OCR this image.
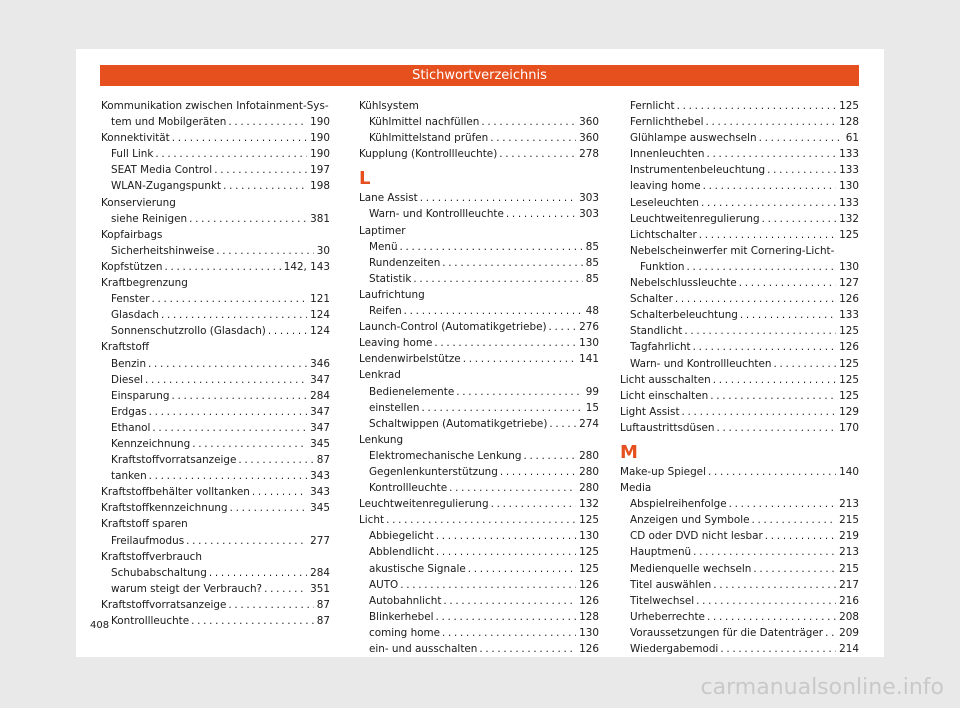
Stichwortverzeichnis
Kommunikation zwischen Infotainment-Sys-
tem und Mobilgeräten . . .	190
Konnektivität . . .	190
Full Link . . .	190
SEAT Media Control . . .	197
WLAN-Zugangspunkt . . .	198
Konservierung
siehe Reinigen . . .	381
Kopfairbags
Sicherheitshinweise . . .	30
Kopfstützen . . .	142, 143
Kraftbegrenzung
Fenster . . .	121
Glasdach . . .	124
Sonnenschutzrollo (Glasdach) . . .	124
Kraftstoff
Benzin . . .	346
Diesel . . .	347
Einsparung . . .	284
Erdgas . . .	347
Ethanol . . .	347
Kennzeichnung . . .	345
Kraftstoffvorratsanzeige . . .	87
tanken . . .	343
Kraftstoffbehälter volltanken . . .	343
Kraftstoffkennzeichnung . . .	345
Kraftstoff sparen
Freilaufmodus . . .	277
Kraftstoffverbrauch
Schubabschaltung . . .	284
warum steigt der Verbrauch? . . .	351
Kraftstoffvorratsanzeige . . .	87
Kontrollleuchte . . .	87
Kühlsystem
Kühlmittel nachfüllen . . .	360
Kühlmittelstand prüfen . . .	360
Kupplung (Kontrollleuchte) . . .	278
L
Lane Assist . . .	303
Warn- und Kontrollleuchte . . .	303
Laptimer
Menü . . .	85
Rundenzeiten . . .	85
Statistik . . .	85
Laufrichtung
Reifen . . .	48
Launch-Control (Automatikgetriebe) . . .	276
Leaving home . . .	130
Lendenwirbelstütze . . .	141
Lenkrad
Bedienelemente . . .	99
einstellen . . .	15
Schaltwippen (Automatikgetriebe) . . .	274
Lenkung
Elektromechanische Lenkung . . .	280
Gegenlenkunterstützung . . .	280
Kontrollleuchte . . .	280
Leuchtweitenregulierung . . .	132
Licht . . .	125
Abbiegelicht . . .	130
Abblendlicht . . .	125
akustische Signale . . .	125
AUTO . . .	126
Autobahnlicht . . .	126
Blinkerhebel . . .	128
coming home . . .	130
ein- und ausschalten . . .	126
Fernlicht . . .	125
Fernlichthebel . . .	128
Glühlampe auswechseln . . .	61
Innenleuchten . . .	133
Instrumentenbeleuchtung . . .	133
leaving home . . .	130
Leseleuchten . . .	133
Leuchtweitenregulierung . . .	132
Lichtschalter . . .	125
Nebelscheinwerfer mit Cornering-Licht-
Funktion . . .	130
Nebelschlussleuchte . . .	127
Schalter . . .	126
Schalterbeleuchtung . . .	133
Standlicht . . .	125
Tagfahrlicht . . .	126
Warn- und Kontrollleuchten . . .	125
Licht ausschalten . . .	125
Licht einschalten . . .	125
Light Assist . . .	129
Luftaustrittsdüsen . . .	170
M
Make-up Spiegel . . .	140
Media
Abspielreihenfolge . . .	213
Anzeigen und Symbole . . .	215
CD oder DVD nicht lesbar . . .	219
Hauptmenü . . .	213
Medienquelle wechseln . . .	215
Titel auswählen . . .	217
Titelwechsel . . .	216
Urheberrechte . . .	208
Voraussetzungen für die Datenträger . . . 209
Wiedergabemodi . . .	214
408
carmanualsonline.info
